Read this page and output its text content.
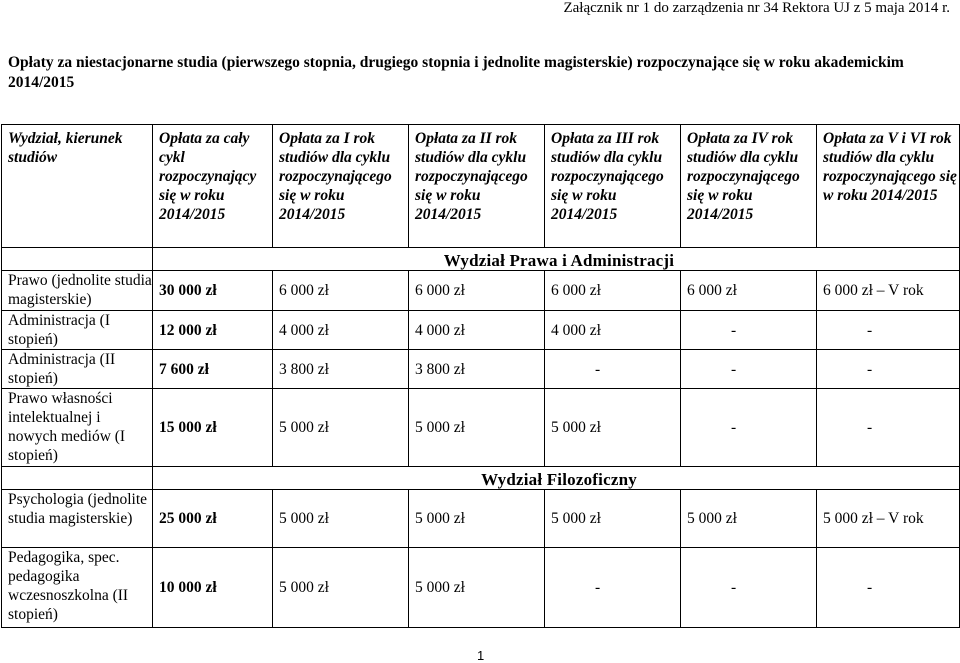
Załącznik nr 1 do zarządzenia nr 34 Rektora UJ z 5 maja 2014 r.
Opłaty za niestacjonarne studia (pierwszego stopnia, drugiego stopnia i jednolite magisterskie) rozpoczynające się w roku akademickim 2014/2015
Wydział, kierunek studiów	Opłata za cały cykl rozpoczynający się w roku 2014/2015	Opłata za I rok studiów dla cyklu rozpoczynającego się w roku 2014/2015	Opłata za II rok studiów dla cyklu rozpoczynającego się w roku 2014/2015	Opłata za III rok studiów dla cyklu rozpoczynającego się w roku 2014/2015	Opłata za IV rok studiów dla cyklu rozpoczynającego się w roku 2014/2015	Opłata za V i VI rok studiów dla cyklu rozpoczynającego się w roku 2014/2015
	Wydział Prawa i Administracji					
Prawo (jednolite studia magisterskie)	30 000 zł	6 000 zł	6 000 zł	6 000 zł	6 000 zł	6 000 zł – V rok
Administracja (I stopień)	12 000 zł	4 000 zł	4 000 zł	4 000 zł	-	-
Administracja (II stopień)	7 600 zł	3 800 zł	3 800 zł	-	-	-
Prawo własności intelektualnej i nowych mediów (I stopień)	15 000 zł	5 000 zł	5 000 zł	5 000 zł	-	-
	Wydział Filozoficzny					
Psychologia (jednolite studia magisterskie)	25 000 zł	5 000 zł	5 000 zł	5 000 zł	5 000 zł	5 000 zł – V rok
Pedagogika, spec. pedagogika wczesnoszkolna (II stopień)	10 000 zł	5 000 zł	5 000 zł	-	-	-
1
